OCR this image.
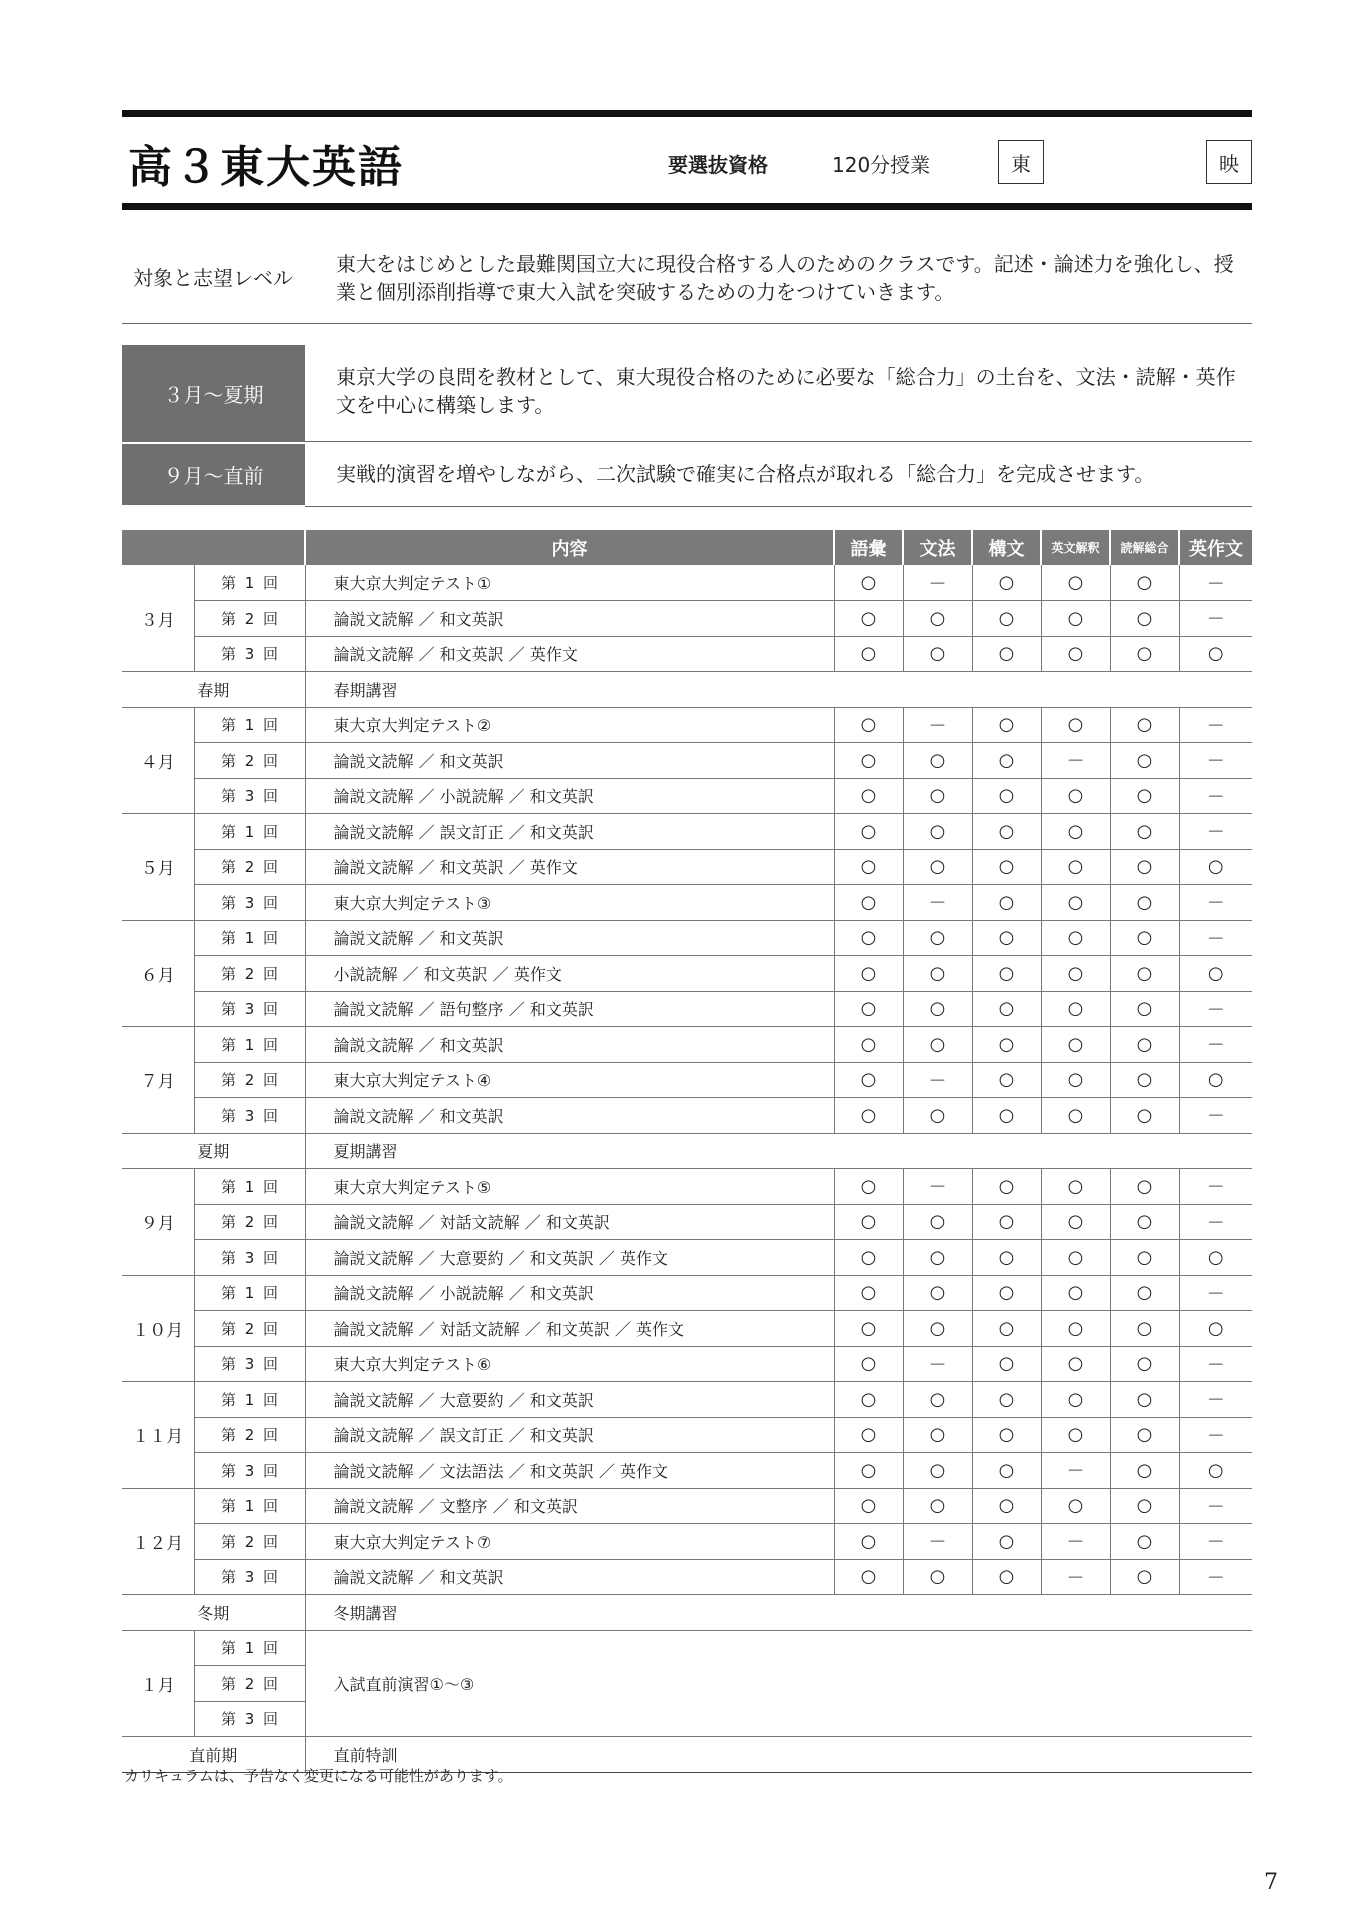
高３東大英語	要選抜資格	120分授業	東	映
対象と志望レベル
東大をはじめとした最難関国立大に現役合格する人のためのクラスです。記述・論述力を強化し、授業と個別添削指導で東大入試を突破するための力をつけていきます。
３月～夏期
東京大学の良問を教材として、東大現役合格のために必要な「総合力」の土台を、文法・読解・英作文を中心に構築します。
９月～直前	実戦的演習を増やしながら、二次試験で確実に合格点が取れる「総合力」を完成させます。
		内容	語彙	文法	構文	英文解釈	読解総合	英作文
３月	第 1 回	東大京大判定テスト①	○	－	○	○	○	－
	第 2 回	論説文読解 ／ 和文英訳	○	○	○	○	○	－
	第 3 回	論説文読解 ／ 和文英訳 ／ 英作文	○	○	○	○	○	○
春期		春期講習						
４月	第 1 回	東大京大判定テスト②	○	－	○	○	○	－
	第 2 回	論説文読解 ／ 和文英訳	○	○	○	－	○	－
	第 3 回	論説文読解 ／ 小説読解 ／ 和文英訳	○	○	○	○	○	－
５月	第 1 回	論説文読解 ／ 誤文訂正 ／ 和文英訳	○	○	○	○	○	－
	第 2 回	論説文読解 ／ 和文英訳 ／ 英作文	○	○	○	○	○	○
	第 3 回	東大京大判定テスト③	○	－	○	○	○	－
６月	第 1 回	論説文読解 ／ 和文英訳	○	○	○	○	○	－
	第 2 回	小説読解 ／ 和文英訳 ／ 英作文	○	○	○	○	○	○
	第 3 回	論説文読解 ／ 語句整序 ／ 和文英訳	○	○	○	○	○	－
７月	第 1 回	論説文読解 ／ 和文英訳	○	○	○	○	○	－
	第 2 回	東大京大判定テスト④	○	－	○	○	○	○
	第 3 回	論説文読解 ／ 和文英訳	○	○	○	○	○	－
夏期		夏期講習						
９月	第 1 回	東大京大判定テスト⑤	○	－	○	○	○	－
	第 2 回	論説文読解 ／ 対話文読解 ／ 和文英訳	○	○	○	○	○	－
	第 3 回	論説文読解 ／ 大意要約 ／ 和文英訳 ／ 英作文	○	○	○	○	○	○
１０月	第 1 回	論説文読解 ／ 小説読解 ／ 和文英訳	○	○	○	○	○	－
	第 2 回	論説文読解 ／ 対話文読解 ／ 和文英訳 ／ 英作文	○	○	○	○	○	○
	第 3 回	東大京大判定テスト⑥	○	－	○	○	○	－
１１月	第 1 回	論説文読解 ／ 大意要約 ／ 和文英訳	○	○	○	○	○	－
	第 2 回	論説文読解 ／ 誤文訂正 ／ 和文英訳	○	○	○	○	○	－
	第 3 回	論説文読解 ／ 文法語法 ／ 和文英訳 ／ 英作文	○	○	○	－	○	○
１２月	第 1 回	論説文読解 ／ 文整序 ／ 和文英訳	○	○	○	○	○	－
	第 2 回	東大京大判定テスト⑦	○	－	○	－	○	－
	第 3 回	論説文読解 ／ 和文英訳	○	○	○	－	○	－
冬期		冬期講習						
１月	第 1 回	入試直前演習①～③						
	第 2 回							
	第 3 回							
直前期		直前特訓						
カリキュラムは、予告なく変更になる可能性があります。
7
